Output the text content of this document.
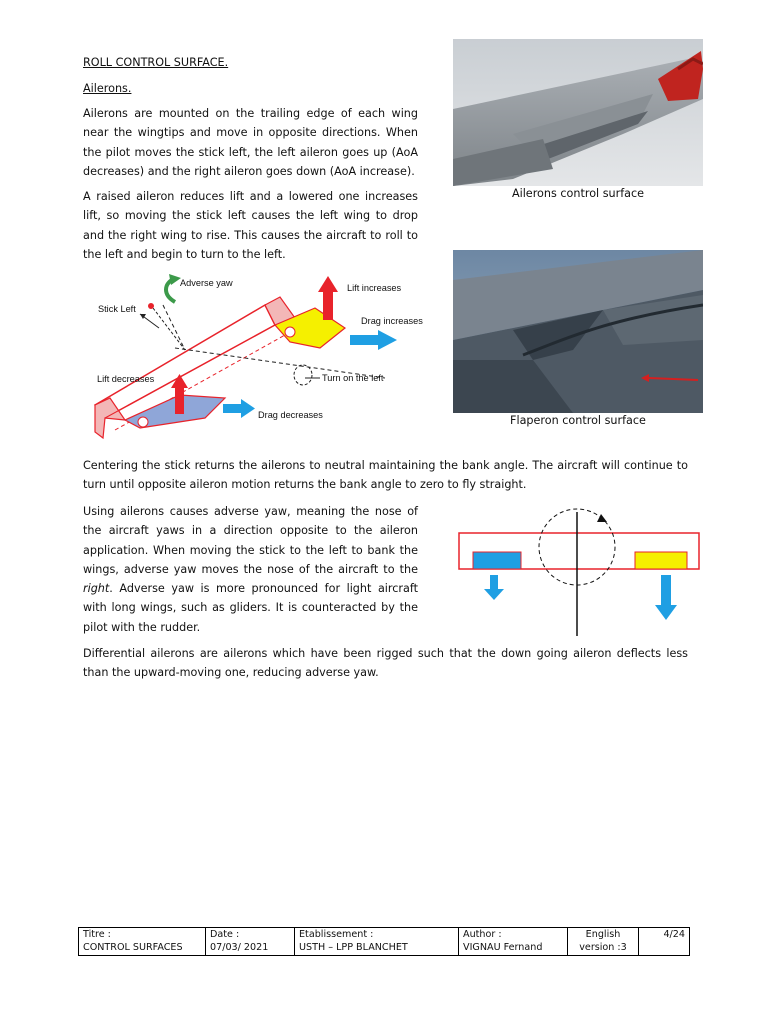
ROLL CONTROL SURFACE.
Ailerons.
Ailerons are mounted on the trailing edge of each wing near the wingtips and move in opposite directions. When the pilot moves the stick left, the left aileron goes up (AoA decreases) and the right aileron goes down (AoA increase).
A raised aileron reduces lift and a lowered one increases lift, so moving the stick left causes the left wing to drop and the right wing to rise. This causes the aircraft to roll to the left and begin to turn to the left.
Ailerons control surface
Flaperon control surface
Adverse yaw
Stick Left
Lift increases
Drag increases
Lift decreases	Turn on the left
Drag decreases
Centering the stick returns the ailerons to neutral maintaining the bank angle. The aircraft will continue to turn until opposite aileron motion returns the bank angle to zero to fly straight.
Using ailerons causes adverse yaw, meaning the nose of the aircraft yaws in a direction opposite to the aileron application. When moving the stick to the left to bank the wings, adverse yaw moves the nose of the aircraft to the right. Adverse yaw is more pronounced for light aircraft with long wings, such as gliders. It is counteracted by the pilot with the rudder.
Differential ailerons are ailerons which have been rigged such that the down going aileron deflects less than the upward-moving one, reducing adverse yaw.
Titre :
CONTROL SURFACES

Date :
07/03/ 2021

Etablissement :
USTH – LPP BLANCHET

Author :
VIGNAU Fernand

English
version :3

4/24
